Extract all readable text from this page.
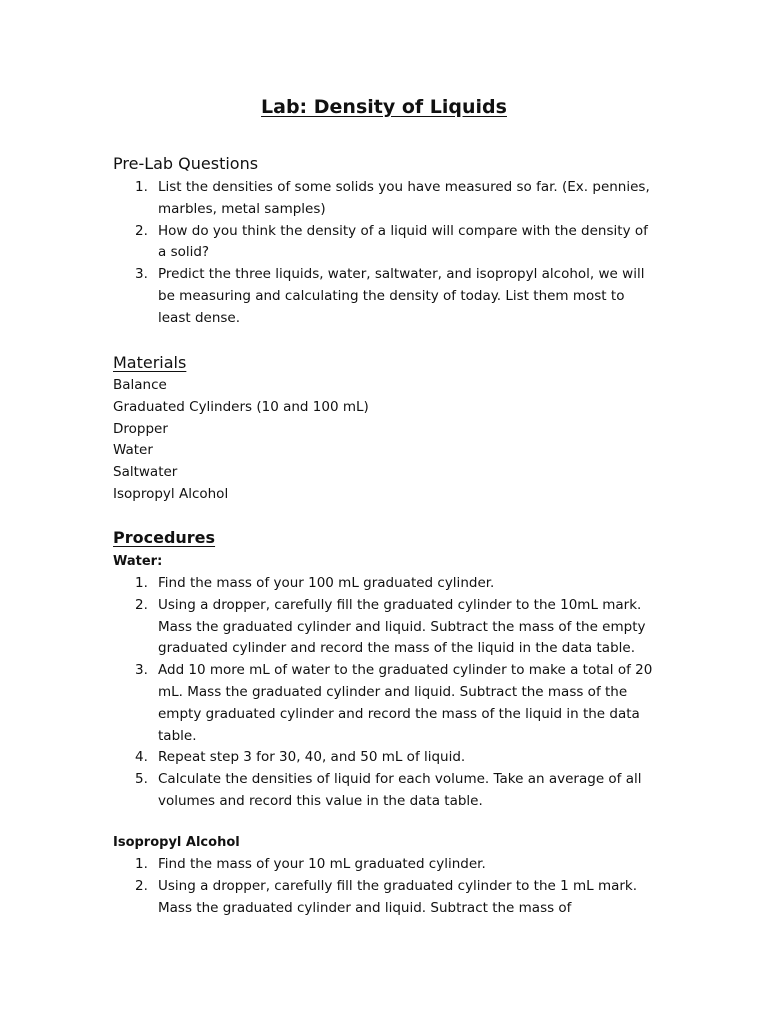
Lab: Density of Liquids
Pre-Lab Questions
1. List the densities of some solids you have measured so far. (Ex. pennies, marbles, metal samples)
2. How do you think the density of a liquid will compare with the density of a solid?
3. Predict the three liquids, water, saltwater, and isopropyl alcohol, we will be measuring and calculating the density of today. List them most to least dense.
Materials
Balance
Graduated Cylinders (10 and 100 mL)
Dropper
Water
Saltwater
Isopropyl Alcohol
Procedures
Water:
1. Find the mass of your 100 mL graduated cylinder.
2. Using a dropper, carefully fill the graduated cylinder to the 10mL mark. Mass the graduated cylinder and liquid. Subtract the mass of the empty graduated cylinder and record the mass of the liquid in the data table.
3. Add 10 more mL of water to the graduated cylinder to make a total of 20 mL. Mass the graduated cylinder and liquid. Subtract the mass of the empty graduated cylinder and record the mass of the liquid in the data table.
4. Repeat step 3 for 30, 40, and 50 mL of liquid.
5. Calculate the densities of liquid for each volume. Take an average of all volumes and record this value in the data table.
Isopropyl Alcohol
1. Find the mass of your 10 mL graduated cylinder.
2. Using a dropper, carefully fill the graduated cylinder to the 1 mL mark. Mass the graduated cylinder and liquid. Subtract the mass of
